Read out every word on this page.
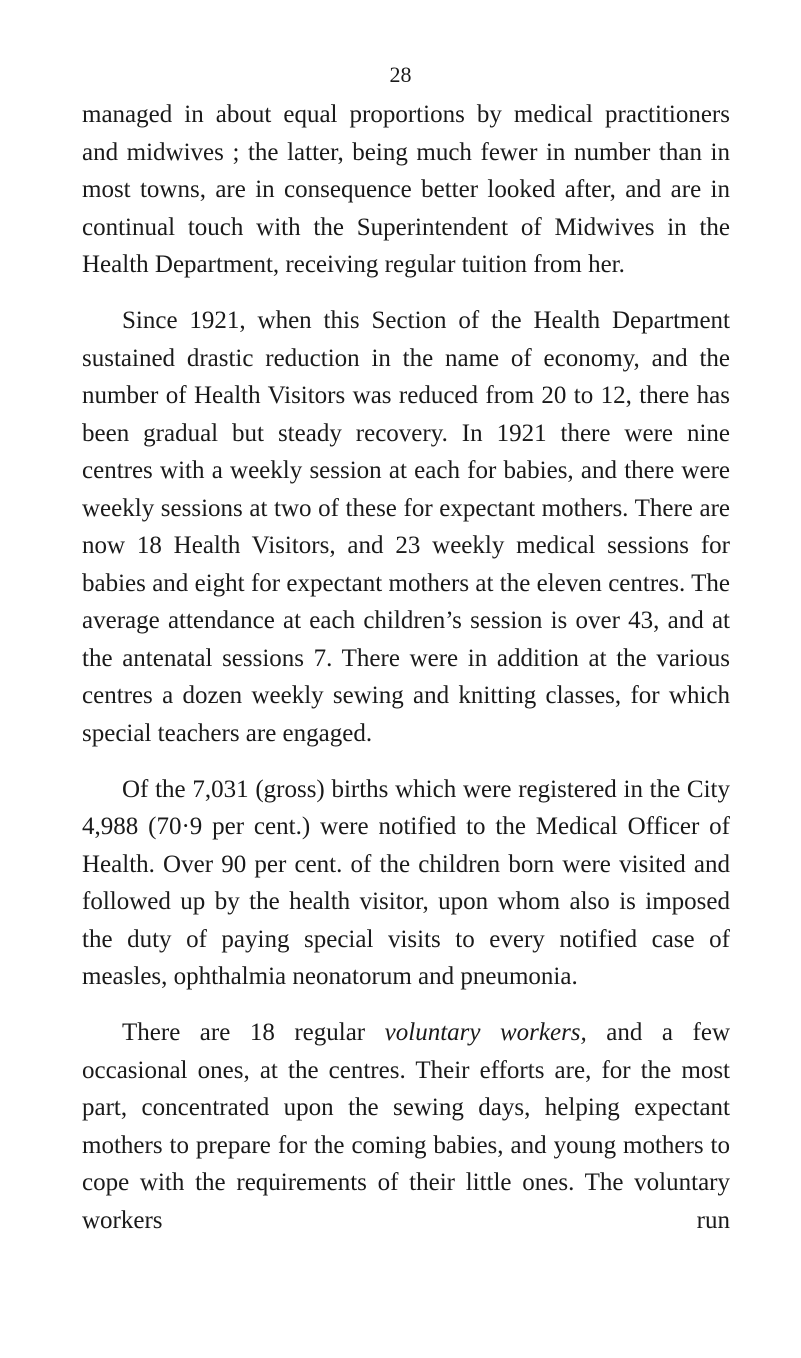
28

managed in about equal proportions by medical practitioners and midwives ; the latter, being much fewer in number than in most towns, are in consequence better looked after, and are in continual touch with the Superintendent of Midwives in the Health Department, receiving regular tuition from her.

Since 1921, when this Section of the Health Department sustained drastic reduction in the name of economy, and the number of Health Visitors was reduced from 20 to 12, there has been gradual but steady recovery. In 1921 there were nine centres with a weekly session at each for babies, and there were weekly sessions at two of these for expectant mothers. There are now 18 Health Visitors, and 23 weekly medical sessions for babies and eight for expectant mothers at the eleven centres. The average attendance at each children’s session is over 43, and at the antenatal sessions 7. There were in addition at the various centres a dozen weekly sewing and knitting classes, for which special teachers are engaged.

Of the 7,031 (gross) births which were registered in the City 4,988 (70·9 per cent.) were notified to the Medical Officer of Health. Over 90 per cent. of the children born were visited and followed up by the health visitor, upon whom also is imposed the duty of paying special visits to every notified case of measles, ophthalmia neonatorum and pneumonia.

There are 18 regular voluntary workers, and a few occasional ones, at the centres. Their efforts are, for the most part, concentrated upon the sewing days, helping expectant mothers to prepare for the coming babies, and young mothers to cope with the requirements of their little ones. The voluntary workers run
